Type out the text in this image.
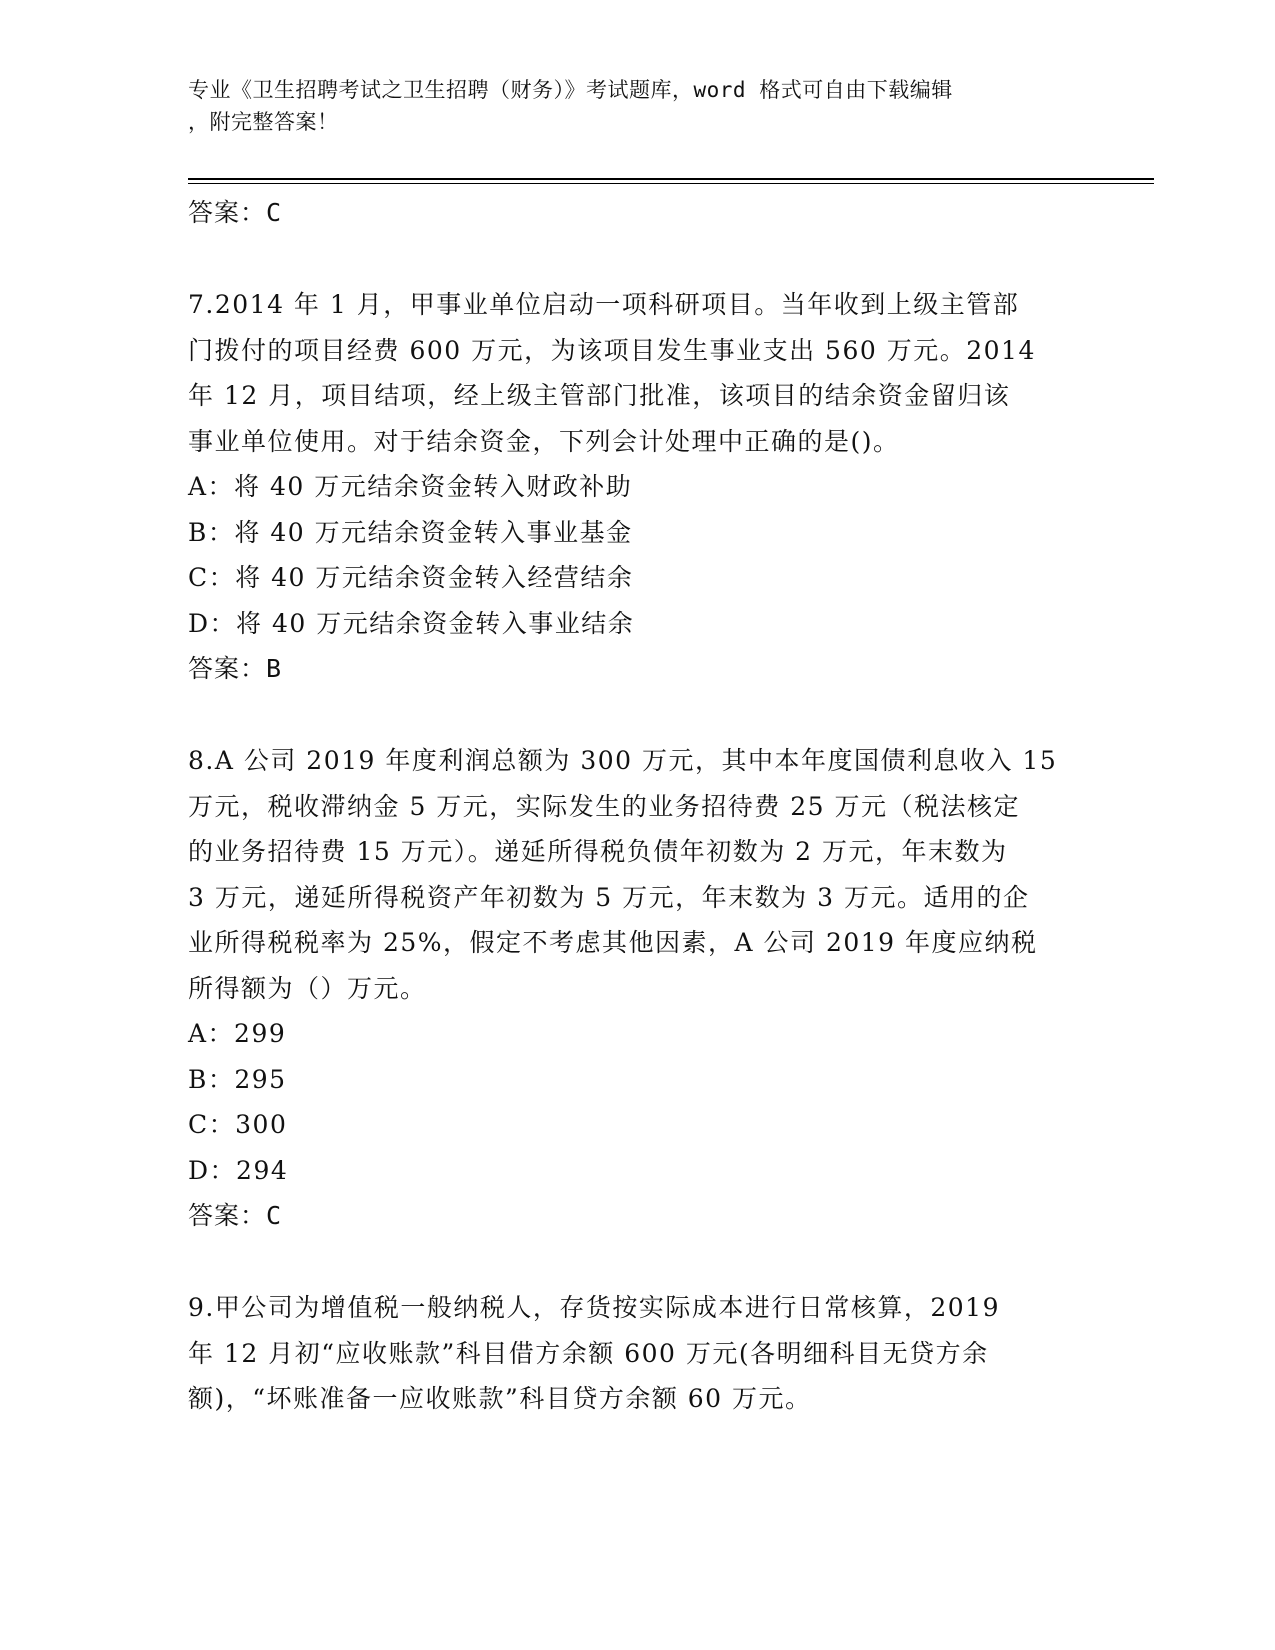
专业《卫生招聘考试之卫生招聘（财务）》考试题库，word 格式可自由下载编辑
，附完整答案！
答案：C
7.2014 年 1 月，甲事业单位启动一项科研项目。当年收到上级主管部
门拨付的项目经费 600 万元，为该项目发生事业支出 560 万元。2014
年 12 月，项目结项，经上级主管部门批准，该项目的结余资金留归该
事业单位使用。对于结余资金，下列会计处理中正确的是()。
A：将 40 万元结余资金转入财政补助
B：将 40 万元结余资金转入事业基金
C：将 40 万元结余资金转入经营结余
D：将 40 万元结余资金转入事业结余
答案：B
8.A 公司 2019 年度利润总额为 300 万元，其中本年度国债利息收入 15
万元，税收滞纳金 5 万元，实际发生的业务招待费 25 万元（税法核定
的业务招待费 15 万元）。递延所得税负债年初数为 2 万元，年末数为
3 万元，递延所得税资产年初数为 5 万元，年末数为 3 万元。适用的企
业所得税税率为 25%，假定不考虑其他因素，A 公司 2019 年度应纳税
所得额为（）万元。
A：299
B：295
C：300
D：294
答案：C
9.甲公司为增值税一般纳税人，存货按实际成本进行日常核算，2019
年 12 月初“应收账款”科目借方余额 600 万元(各明细科目无贷方余
额)，“坏账准备一应收账款”科目贷方余额 60 万元。
